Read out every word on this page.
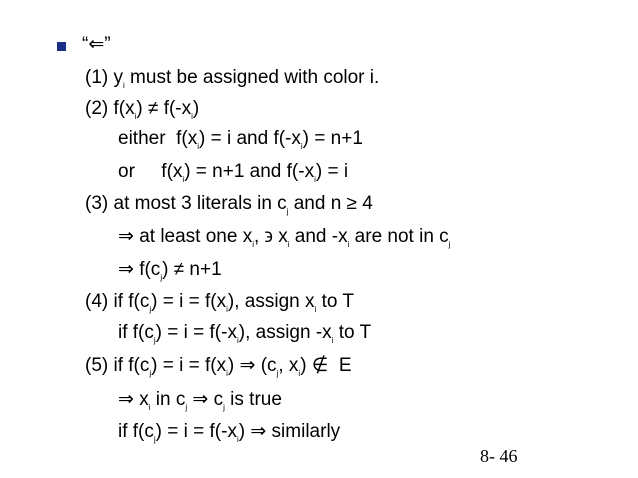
“⇐”
(1) $y_i$ must be assigned with color i.
(2) $f(x_i) \ne f(-x_i)$
either  $f(x_i) = i$ and $f(-x_i) = n+1$
or     $f(x_i) = n+1$ and $f(-x_i) = i$
(3) at most 3 literals in $c_j$ and n ≥ 4
⇒ at least one $x_i$, ϶ $x_i$ and $-x_i$ are not in $c_j$
⇒ $f(c_j) \ne n+1$
(4) if $f(c_j) = i = f(x_i)$, assign $x_i$ to T
if $f(c_j) = i = f(-x_i)$, assign $-x_i$ to T
(5) if $f(c_j) = i = f(x_i)$ ⇒ ($c_j$, $x_i$) ∉  E
⇒ $x_i$ in $c_j$ ⇒ $c_j$ is true
if $f(c_j) = i = f(-x_i)$ ⇒ similarly
8- 46
